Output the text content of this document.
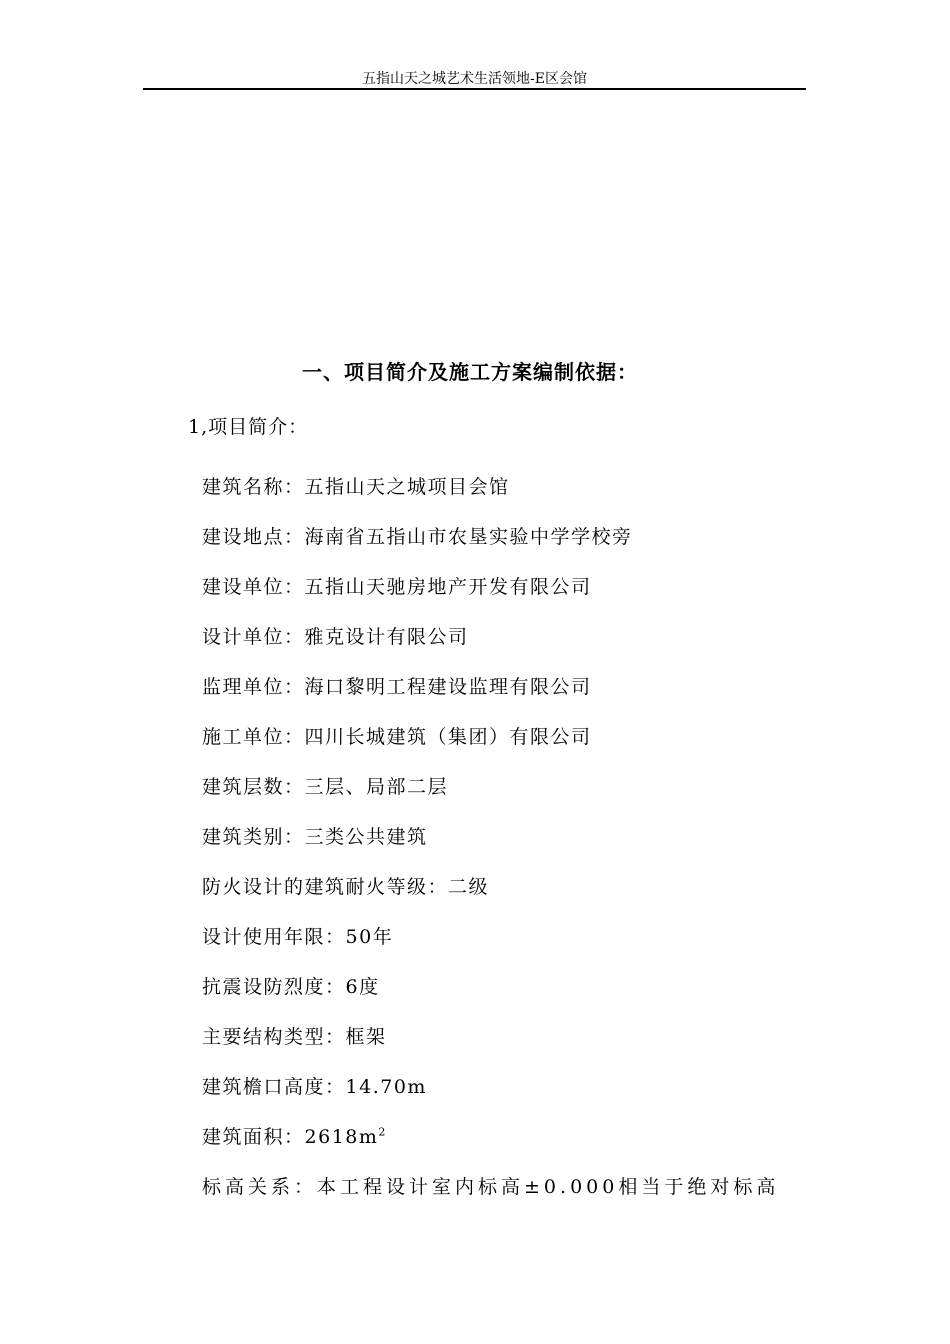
五指山天之城艺术生活领地-E区会馆
一、项目简介及施工方案编制依据：
1,项目简介：
建筑名称：五指山天之城项目会馆
建设地点：海南省五指山市农垦实验中学学校旁
建设单位：五指山天驰房地产开发有限公司
设计单位：雅克设计有限公司
监理单位：海口黎明工程建设监理有限公司
施工单位：四川长城建筑（集团）有限公司
建筑层数：三层、局部二层
建筑类别：三类公共建筑
防火设计的建筑耐火等级：二级
设计使用年限：50年
抗震设防烈度：6度
主要结构类型：框架
建筑檐口高度：14.70m
建筑面积：$2618m^2$
标高关系：本工程设计室内标高±0.000相当于绝对标高
